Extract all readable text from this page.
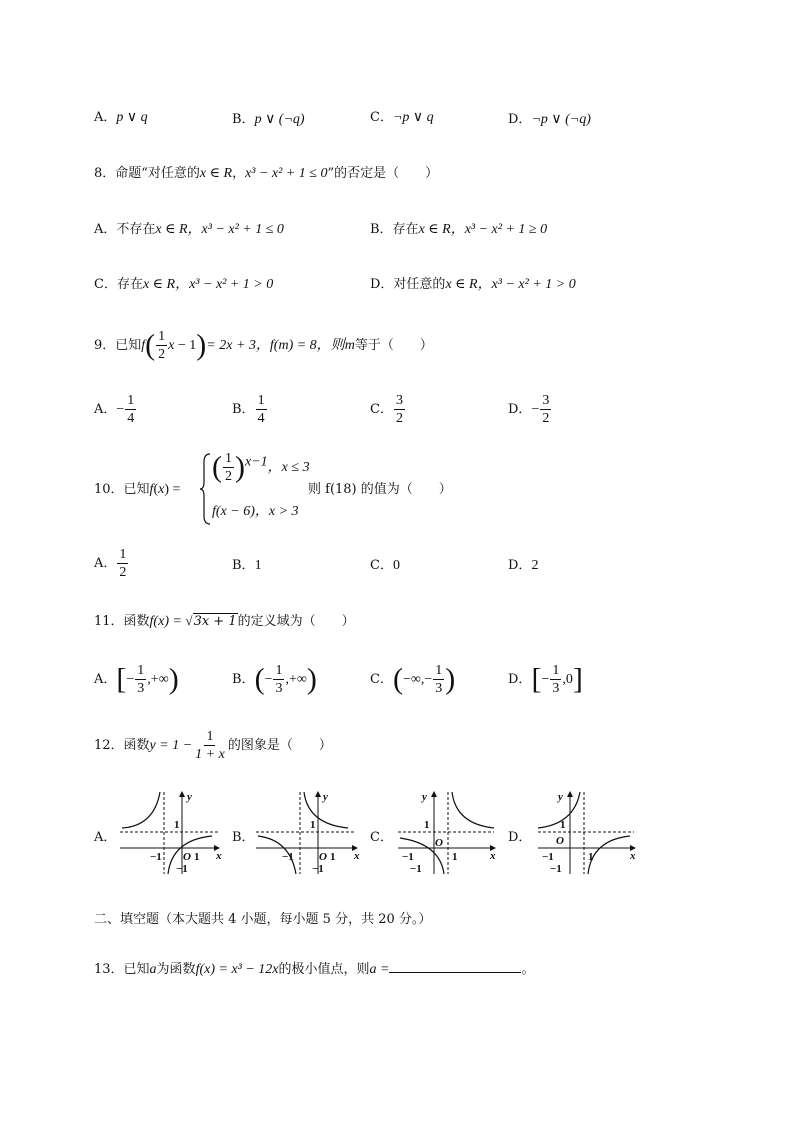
A．p ∨ q	B．p ∨ (¬q)	C．¬p ∨ q	D．¬p ∨ (¬q)
8．命题“对任意的x ∈ R，x³ − x² + 1 ≤ 0”的否定是（　　）
A．不存在x ∈ R，x³ − x² + 1 ≤ 0	B．存在x ∈ R，x³ − x² + 1 ≥ 0
C．存在x ∈ R，x³ − x² + 1 > 0	D．对任意的x ∈ R，x³ − x² + 1 > 0
9．已知$f( \frac{1}{2}$ x − 1)= 2x + 3，f(m) = 8，则m等于（　　）
A．− $\frac{1}{4}$	B． $\frac{1}{4}$	C． $\frac{3}{2}$	D．− $\frac{3}{2}$
10．已知f(x) =
( $\frac{1}{2} )^{x-1}$，x ≤ 3
f(x − 6)，x > 3
则 f(18) 的值为（　　）
A． $\frac{1}{2}$	B．1	C．0	D．2
11．函数f(x) = √3x + 1的定义域为（　　）
A．[− $\frac{1}{3}$ ,+∞)	B．(− $\frac{1}{3}$ ,+∞)	C．(−∞,− $\frac{1}{3}$ )	D．[− $\frac{1}{3} ,0$]
12．函数$y = 1 - \frac{1}{1 + x}$ 的图象是（　　）
A．	B．	C．	D．
1
y
x
−1 O 1
−1
1
y
x
−1 O 1
−1
1
y
x
−1
O
1
−1
1
y
x
−1
O
1
−1
二、填空题（本大题共 4 小题，每小题 5 分，共 20 分。）
13．已知a为函数f(x) = x³ − 12x的极小值点，则a =	。
